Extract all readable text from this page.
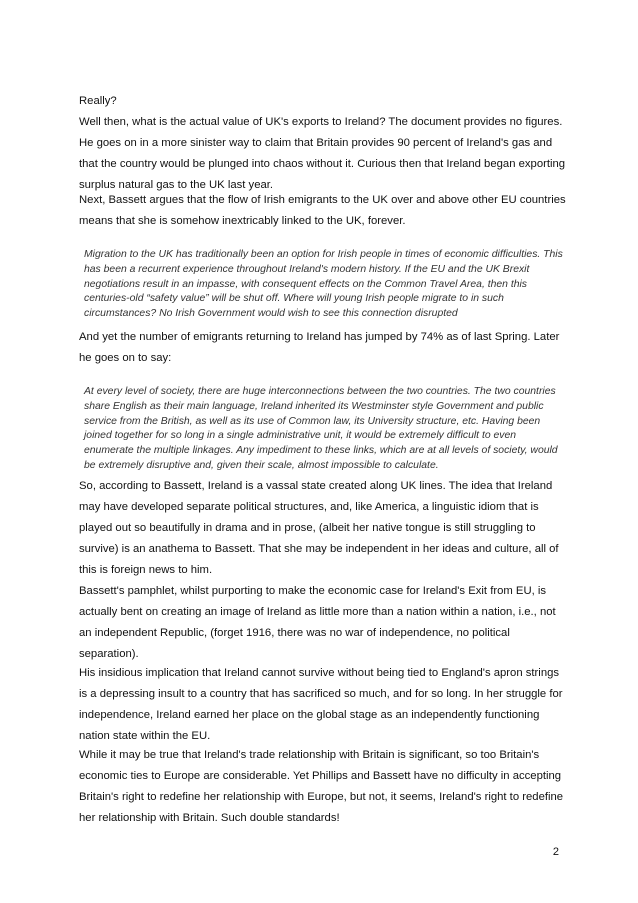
Really?

Well then, what is the actual value of UK's exports to Ireland? The document provides no figures. He goes on in a more sinister way to claim that Britain provides 90 percent of Ireland's gas and that the country would be plunged into chaos without it. Curious then that Ireland began exporting surplus natural gas to the UK last year.

Next, Bassett argues that the flow of Irish emigrants to the UK over and above other EU countries means that she is somehow inextricably linked to the UK, forever.

Migration to the UK has traditionally been an option for Irish people in times of economic difficulties. This has been a recurrent experience throughout Ireland's modern history. If the EU and the UK Brexit negotiations result in an impasse, with consequent effects on the Common Travel Area, then this centuries-old “safety value” will be shut off. Where will young Irish people migrate to in such circumstances? No Irish Government would wish to see this connection disrupted

And yet the number of emigrants returning to Ireland has jumped by 74% as of last Spring. Later he goes on to say:

At every level of society, there are huge interconnections between the two countries. The two countries share English as their main language, Ireland inherited its Westminster style Government and public service from the British, as well as its use of Common law, its University structure, etc. Having been joined together for so long in a single administrative unit, it would be extremely difficult to even enumerate the multiple linkages. Any impediment to these links, which are at all levels of society, would be extremely disruptive and, given their scale, almost impossible to calculate.

So, according to Bassett, Ireland is a vassal state created along UK lines. The idea that Ireland may have developed separate political structures, and, like America, a linguistic idiom that is played out so beautifully in drama and in prose, (albeit her native tongue is still struggling to survive) is an anathema to Bassett. That she may be independent in her ideas and culture, all of this is foreign news to him.

Bassett's pamphlet, whilst purporting to make the economic case for Ireland's Exit from EU, is actually bent on creating an image of Ireland as little more than a nation within a nation, i.e., not an independent Republic, (forget 1916, there was no war of independence, no political separation).

His insidious implication that Ireland cannot survive without being tied to England's apron strings is a depressing insult to a country that has sacrificed so much, and for so long. In her struggle for independence, Ireland earned her place on the global stage as an independently functioning nation state within the EU.

While it may be true that Ireland's trade relationship with Britain is significant, so too Britain's economic ties to Europe are considerable. Yet Phillips and Bassett have no difficulty in accepting Britain's right to redefine her relationship with Europe, but not, it seems, Ireland's right to redefine her relationship with Britain. Such double standards!

2
